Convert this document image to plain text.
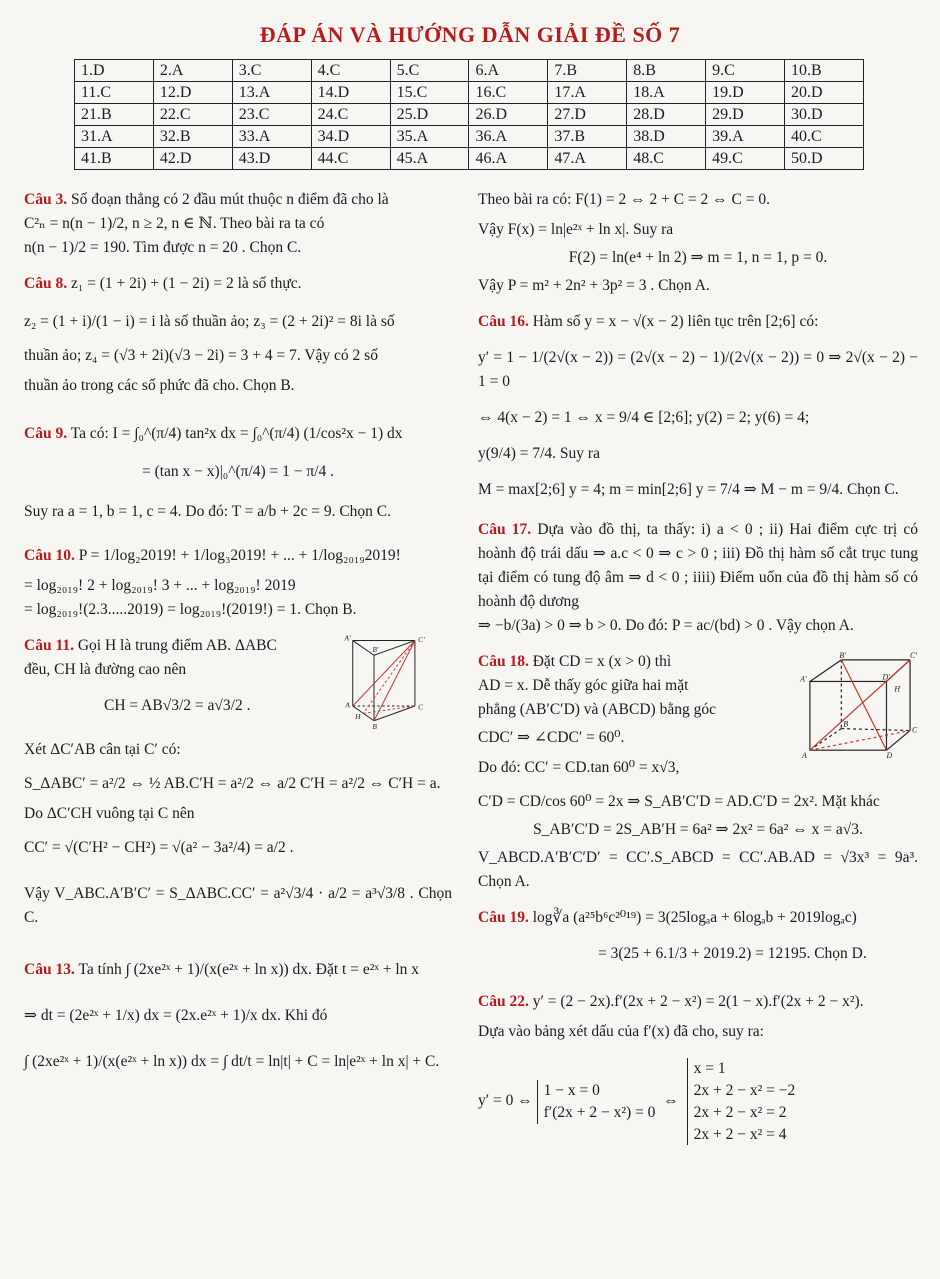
ĐÁP ÁN VÀ HƯỚNG DẪN GIẢI ĐỀ SỐ 7
1.D	2.A	3.C	4.C	5.C	6.A	7.B	8.B	9.C	10.B
11.C	12.D	13.A	14.D	15.C	16.C	17.A	18.A	19.D	20.D
21.B	22.C	23.C	24.C	25.D	26.D	27.D	28.D	29.D	30.D
31.A	32.B	33.A	34.D	35.A	36.A	37.B	38.D	39.A	40.C
41.B	42.D	43.D	44.C	45.A	46.A	47.A	48.C	49.C	50.D
Câu 3. Số đoạn thẳng có 2 đầu mút thuộc n điểm đã cho là
C²ₙ = n(n − 1)/2, n ≥ 2, n ∈ ℕ. Theo bài ra ta có
n(n − 1)/2 = 190. Tìm được n = 20 . Chọn C.
Câu 8. z₁ = (1 + 2i) + (1 − 2i) = 2 là số thực.
z₂ = (1 + i)/(1 − i) = i là số thuần ảo; z₃ = (2 + 2i)² = 8i là số
thuần ảo; z₄ = (√3 + 2i)(√3 − 2i) = 3 + 4 = 7. Vậy có 2 số
thuần ảo trong các số phức đã cho. Chọn B.
Câu 9. Ta có: I = ∫₀^(π/4) tan²x dx = ∫₀^(π/4) (1/cos²x − 1) dx
= (tan x − x)|₀^(π/4) = 1 − π/4 .
Suy ra a = 1, b = 1, c = 4. Do đó: T = a/b + 2c = 9. Chọn C.
Câu 10. P = 1/log₂2019! + 1/log₃2019! + ... + 1/log₂₀₁₉2019!
= log₂₀₁₉! 2 + log₂₀₁₉! 3 + ... + log₂₀₁₉! 2019
= log₂₀₁₉!(2.3.....2019) = log₂₀₁₉!(2019!) = 1. Chọn B.
A′	C′
B′
A	C
H
B
Câu 11. Gọi H là trung điểm AB. ΔABC
đều, CH là đường cao nên
CH = AB√3/2 = a√3/2 .
Xét ΔC′AB cân tại C′ có:
S_ΔABC′ = a²/2 ⇔ ½ AB.C′H = a²/2 ⇔ a/2 C′H = a²/2 ⇔ C′H = a.
Do ΔC′CH vuông tại C nên
CC′ = √(C′H² − CH²) = √(a² − 3a²/4) = a/2 .
Vậy V_ABC.A′B′C′ = S_ΔABC.CC′ = a²√3/4 · a/2 = a³√3/8 . Chọn C.
Câu 13. Ta tính ∫ (2xe²ˣ + 1)/(x(e²ˣ + ln x)) dx. Đặt t = e²ˣ + ln x
⇒ dt = (2e²ˣ + 1/x) dx = (2x.e²ˣ + 1)/x dx. Khi đó
∫ (2xe²ˣ + 1)/(x(e²ˣ + ln x)) dx = ∫ dt/t = ln|t| + C = ln|e²ˣ + ln x| + C.
Theo bài ra có: F(1) = 2 ⇔ 2 + C = 2 ⇔ C = 0.
Vậy F(x) = ln|e²ˣ + ln x|. Suy ra
F(2) = ln(e⁴ + ln 2) ⇒ m = 1, n = 1, p = 0.
Vậy P = m² + 2n² + 3p² = 3 . Chọn A.
Câu 16. Hàm số y = x − √(x − 2) liên tục trên [2;6] có:
y′ = 1 − 1/(2√(x − 2)) = (2√(x − 2) − 1)/(2√(x − 2)) = 0 ⇒ 2√(x − 2) − 1 = 0
⇔ 4(x − 2) = 1 ⇔ x = 9/4 ∈ [2;6]; y(2) = 2; y(6) = 4;
y(9/4) = 7/4. Suy ra
M = max[2;6] y = 4; m = min[2;6] y = 7/4 ⇒ M − m = 9/4. Chọn C.
Câu 17. Dựa vào đồ thị, ta thấy: i) a < 0 ; ii) Hai điểm cực trị có hoành độ trái dấu ⇒ a.c < 0 ⇒ c > 0 ; iii) Đồ thị hàm số cắt trục tung tại điểm có tung độ âm ⇒ d < 0 ; iiii) Điểm uốn của đồ thị hàm số có hoành độ dương
⇒ −b/(3a) > 0 ⇒ b > 0. Do đó: P = ac/(bd) > 0 . Vậy chọn A.
B′	C′
A′	D′
H
B
C
A	D
Câu 18. Đặt CD = x (x > 0) thì
AD = x. Dễ thấy góc giữa hai mặt
phẳng (AB′C′D) và (ABCD) bằng góc
CDC′ ⇒ ∠CDC′ = 60⁰.
Do đó: CC′ = CD.tan 60⁰ = x√3,
C′D = CD/cos 60⁰ = 2x ⇒ S_AB′C′D = AD.C′D = 2x². Mặt khác
S_AB′C′D = 2S_AB′H = 6a² ⇒ 2x² = 6a² ⇔ x = a√3.
V_ABCD.A′B′C′D′ = CC′.S_ABCD = CC′.AB.AD = √3x³ = 9a³. Chọn A.
Câu 19. log∛a (a²⁵b⁶c²⁰¹⁹) = 3(25logₐa + 6logₐb + 2019logₐc)
= 3(25 + 6.1/3 + 2019.2) = 12195. Chọn D.
Câu 22. y′ = (2 − 2x).f′(2x + 2 − x²) = 2(1 − x).f′(2x + 2 − x²).
Dựa vào bảng xét dấu của f′(x) đã cho, suy ra:
y′ = 0 ⇔ 1 − x = 0
f′(2x + 2 − x²) = 0 ⇔ x = 1
2x + 2 − x² = −2
2x + 2 − x² = 2
2x + 2 − x² = 4
